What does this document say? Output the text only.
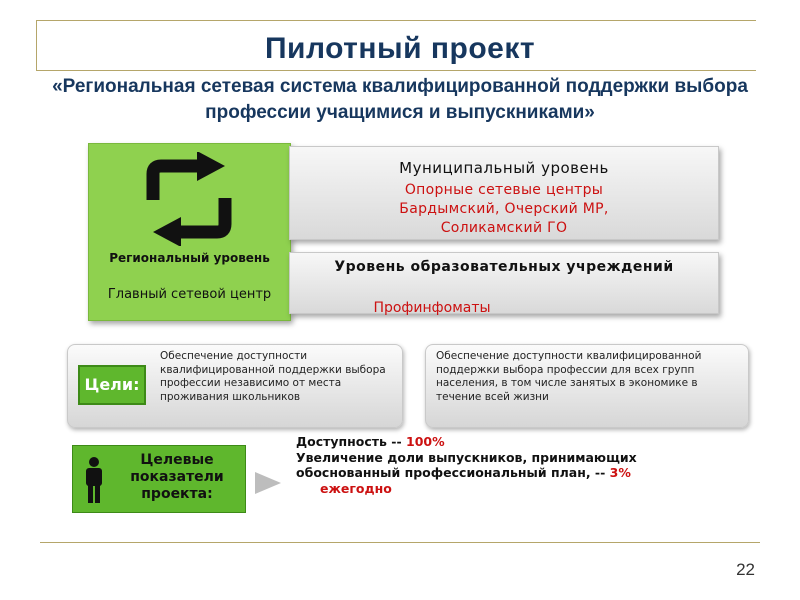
Пилотный проект
«Региональная сетевая система квалифицированной поддержки выбора профессии учащимися и выпускниками»
Региональный уровень
Главный сетевой центр
Муниципальный уровень
Опорные сетевые центры
Бардымский, Очерский МР,
Соликамский ГО
Уровень образовательных учреждений
Профинфоматы
Цели:
Обеспечение доступности квалифицированной поддержки выбора профессии независимо от места проживания школьников
Обеспечение доступности квалифицированной поддержки выбора профессии для всех групп населения, в том числе занятых в экономике в течение всей жизни
Целевые показатели проекта:
Доступность -- 100%
Увеличение доли выпускников, принимающих обоснованный профессиональный план, -- 3%
ежегодно
22
